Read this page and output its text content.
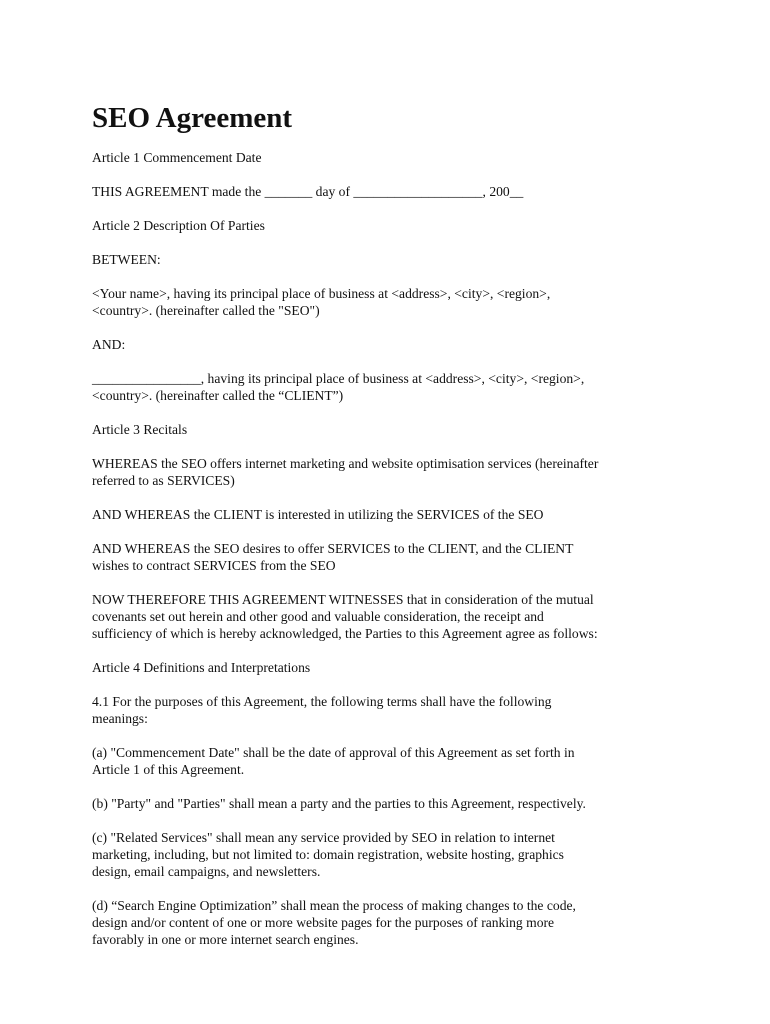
SEO Agreement

Article 1 Commencement Date

THIS AGREEMENT made the _______ day of ___________________, 200__

Article 2 Description Of Parties

BETWEEN:

<Your name>, having its principal place of business at <address>, <city>, <region>,
<country>. (hereinafter called the "SEO")

AND:

________________, having its principal place of business at <address>, <city>, <region>,
<country>. (hereinafter called the “CLIENT”)

Article 3 Recitals

WHEREAS the SEO offers internet marketing and website optimisation services (hereinafter
referred to as SERVICES)

AND WHEREAS the CLIENT is interested in utilizing the SERVICES of the SEO

AND WHEREAS the SEO desires to offer SERVICES to the CLIENT, and the CLIENT
wishes to contract SERVICES from the SEO

NOW THEREFORE THIS AGREEMENT WITNESSES that in consideration of the mutual
covenants set out herein and other good and valuable consideration, the receipt and
sufficiency of which is hereby acknowledged, the Parties to this Agreement agree as follows:

Article 4 Definitions and Interpretations

4.1 For the purposes of this Agreement, the following terms shall have the following
meanings:

(a) "Commencement Date" shall be the date of approval of this Agreement as set forth in
Article 1 of this Agreement.

(b) "Party" and "Parties" shall mean a party and the parties to this Agreement, respectively.

(c) "Related Services" shall mean any service provided by SEO in relation to internet
marketing, including, but not limited to: domain registration, website hosting, graphics
design, email campaigns, and newsletters.

(d) “Search Engine Optimization” shall mean the process of making changes to the code,
design and/or content of one or more website pages for the purposes of ranking more
favorably in one or more internet search engines.
